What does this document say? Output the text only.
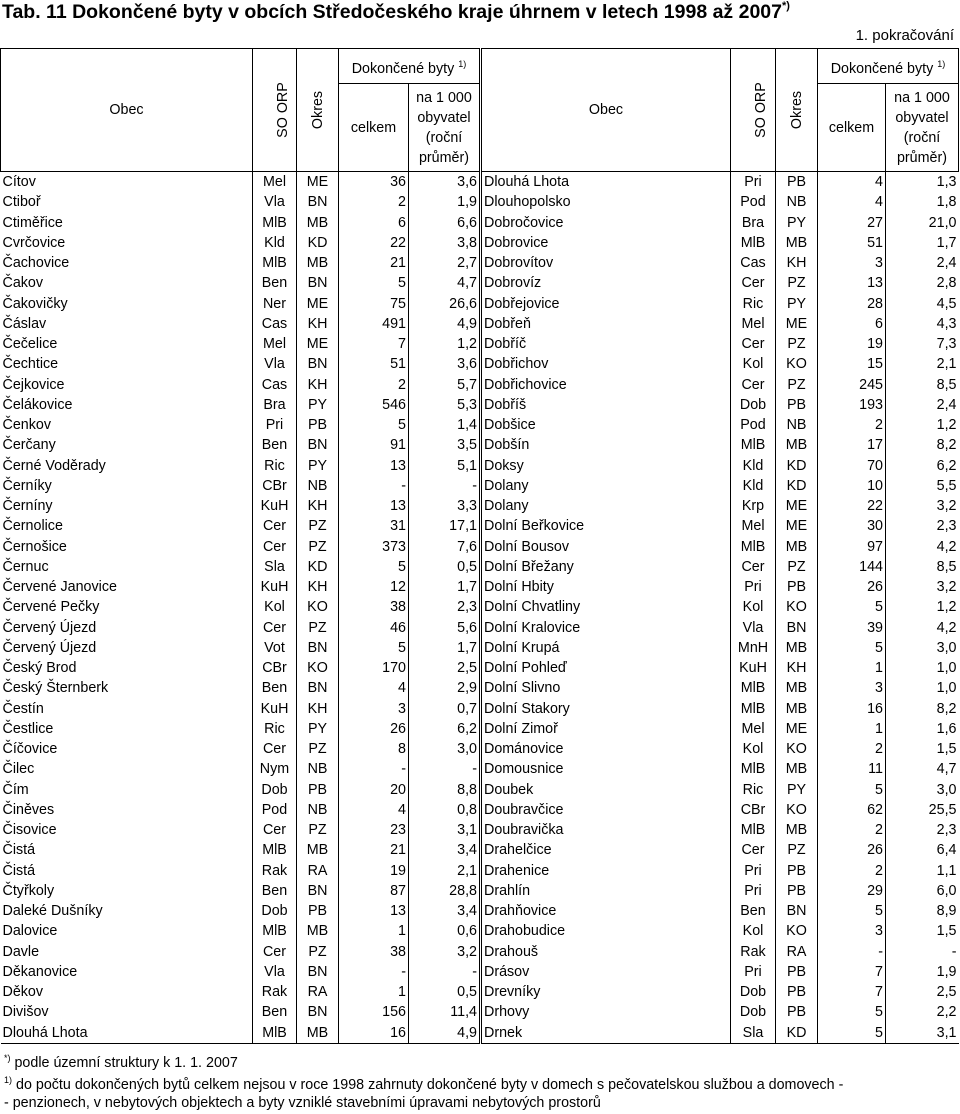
Tab. 11 Dokončené byty v obcích Středočeského kraje úhrnem v letech 1998 až 2007*)
1. pokračování
Obec	SO ORP	Okres	Dokončené byty $^{1)}$		Obec	SO ORP	Okres	Dokončené byty $^{1)}$
			celkem	na 1 000
obyvatel
(roční
průměr)				celkem	na 1 000
obyvatel
(roční
průměr)
Cítov	Mel	ME	36	3,6	Dlouhá Lhota	Pri	PB	4	1,3
Ctiboř	Vla	BN	2	1,9	Dlouhopolsko	Pod	NB	4	1,8
Ctiměřice	MlB	MB	6	6,6	Dobročovice	Bra	PY	27	21,0
Cvrčovice	Kld	KD	22	3,8	Dobrovice	MlB	MB	51	1,7
Čachovice	MlB	MB	21	2,7	Dobrovítov	Cas	KH	3	2,4
Čakov	Ben	BN	5	4,7	Dobrovíz	Cer	PZ	13	2,8
Čakovičky	Ner	ME	75	26,6	Dobřejovice	Ric	PY	28	4,5
Čáslav	Cas	KH	491	4,9	Dobřeň	Mel	ME	6	4,3
Čečelice	Mel	ME	7	1,2	Dobříč	Cer	PZ	19	7,3
Čechtice	Vla	BN	51	3,6	Dobřichov	Kol	KO	15	2,1
Čejkovice	Cas	KH	2	5,7	Dobřichovice	Cer	PZ	245	8,5
Čelákovice	Bra	PY	546	5,3	Dobříš	Dob	PB	193	2,4
Čenkov	Pri	PB	5	1,4	Dobšice	Pod	NB	2	1,2
Čerčany	Ben	BN	91	3,5	Dobšín	MlB	MB	17	8,2
Černé Voděrady	Ric	PY	13	5,1	Doksy	Kld	KD	70	6,2
Černíky	CBr	NB	-	-	Dolany	Kld	KD	10	5,5
Černíny	KuH	KH	13	3,3	Dolany	Krp	ME	22	3,2
Černolice	Cer	PZ	31	17,1	Dolní Beřkovice	Mel	ME	30	2,3
Černošice	Cer	PZ	373	7,6	Dolní Bousov	MlB	MB	97	4,2
Černuc	Sla	KD	5	0,5	Dolní Břežany	Cer	PZ	144	8,5
Červené Janovice	KuH	KH	12	1,7	Dolní Hbity	Pri	PB	26	3,2
Červené Pečky	Kol	KO	38	2,3	Dolní Chvatliny	Kol	KO	5	1,2
Červený Újezd	Cer	PZ	46	5,6	Dolní Kralovice	Vla	BN	39	4,2
Červený Újezd	Vot	BN	5	1,7	Dolní Krupá	MnH	MB	5	3,0
Český Brod	CBr	KO	170	2,5	Dolní Pohleď	KuH	KH	1	1,0
Český Šternberk	Ben	BN	4	2,9	Dolní Slivno	MlB	MB	3	1,0
Čestín	KuH	KH	3	0,7	Dolní Stakory	MlB	MB	16	8,2
Čestlice	Ric	PY	26	6,2	Dolní Zimoř	Mel	ME	1	1,6
Číčovice	Cer	PZ	8	3,0	Dománovice	Kol	KO	2	1,5
Čilec	Nym	NB	-	-	Domousnice	MlB	MB	11	4,7
Čím	Dob	PB	20	8,8	Doubek	Ric	PY	5	3,0
Činěves	Pod	NB	4	0,8	Doubravčice	CBr	KO	62	25,5
Čisovice	Cer	PZ	23	3,1	Doubravička	MlB	MB	2	2,3
Čistá	MlB	MB	21	3,4	Drahelčice	Cer	PZ	26	6,4
Čistá	Rak	RA	19	2,1	Drahenice	Pri	PB	2	1,1
Čtyřkoly	Ben	BN	87	28,8	Drahlín	Pri	PB	29	6,0
Daleké Dušníky	Dob	PB	13	3,4	Drahňovice	Ben	BN	5	8,9
Dalovice	MlB	MB	1	0,6	Drahobudice	Kol	KO	3	1,5
Davle	Cer	PZ	38	3,2	Drahouš	Rak	RA	-	-
Děkanovice	Vla	BN	-	-	Drásov	Pri	PB	7	1,9
Děkov	Rak	RA	1	0,5	Drevníky	Dob	PB	7	2,5
Divišov	Ben	BN	156	11,4	Drhovy	Dob	PB	5	2,2
Dlouhá Lhota	MlB	MB	16	4,9	Drnek	Sla	KD	5	3,1
*) podle územní struktury k 1. 1. 2007
$^{1)}$ do počtu dokončených bytů celkem nejsou v roce 1998 zahrnuty dokončené byty v domech s pečovatelskou službou a domovech -
- penzionech, v nebytových objektech a byty vzniklé stavebními úpravami nebytových prostorů
